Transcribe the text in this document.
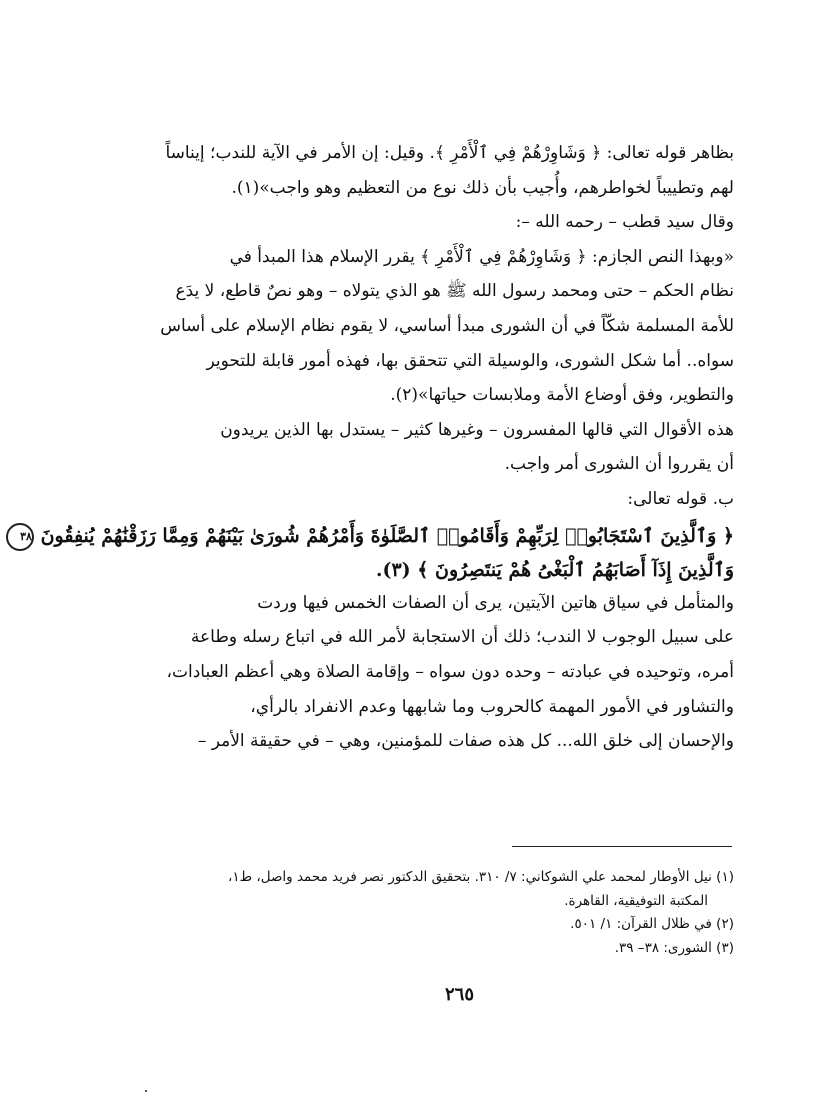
بظاهر قوله تعالى: ﴿ وَشَاوِرْهُمْ فِي ٱلْأَمْرِ ﴾. وقيل: إن الأمر في الآية للندب؛ إيناساً
لهم وتطييباً لخواطرهم، وأُجيب بأن ذلك نوع من التعظيم وهو واجب»(١).
وقال سيد قطب – رحمه الله –:
«وبهذا النص الجازم: ﴿ وَشَاوِرْهُمْ فِي ٱلْأَمْرِ ﴾ يقرر الإسلام هذا المبدأ في
نظام الحكم – حتى ومحمد رسول الله ﷺ هو الذي يتولاه – وهو نصٌ قاطع، لا يدَع
للأمة المسلمة شكّاً في أن الشورى مبدأ أساسي، لا يقوم نظام الإسلام على أساس
سواه.. أما شكل الشورى، والوسيلة التي تتحقق بها، فهذه أمور قابلة للتحوير
والتطوير، وفق أوضاع الأمة وملابسات حياتها»(٢).
هذه الأقوال التي قالها المفسرون – وغيرها كثير – يستدل بها الذين يريدون
أن يقرروا أن الشورى أمر واجب.
ب. قوله تعالى:
﴿ وَٱلَّذِينَ ٱسْتَجَابُوا۟ لِرَبِّهِمْ وَأَقَامُوا۟ ٱلصَّلَوٰةَ وَأَمْرُهُمْ شُورَىٰ بَيْنَهُمْ وَمِمَّا رَزَقْنَٰهُمْ يُنفِقُونَ ٣٨
وَٱلَّذِينَ إِذَآ أَصَابَهُمُ ٱلْبَغْىُ هُمْ يَنتَصِرُونَ ﴾ (٣).
والمتأمل في سياق هاتين الآيتين، يرى أن الصفات الخمس فيها وردت
على سبيل الوجوب لا الندب؛ ذلك أن الاستجابة لأمر الله في اتباع رسله وطاعة
أمره، وتوحيده في عبادته – وحده دون سواه – وإقامة الصلاة وهي أعظم العبادات،
والتشاور في الأمور المهمة كالحروب وما شابهها وعدم الانفراد بالرأي،
والإحسان إلى خلق الله... كل هذه صفات للمؤمنين، وهي – في حقيقة الأمر –
(١) نيل الأوطار لمحمد علي الشوكاني: ٧/ ٣١٠. بتحقيق الدكتور نصر فريد محمد واصل، ط١،
المكتبة التوفيقية، القاهرة.
(٢) في ظلال القرآن: ١/ ٥٠١.
(٣) الشورى: ٣٨– ٣٩.
٢٦٥
